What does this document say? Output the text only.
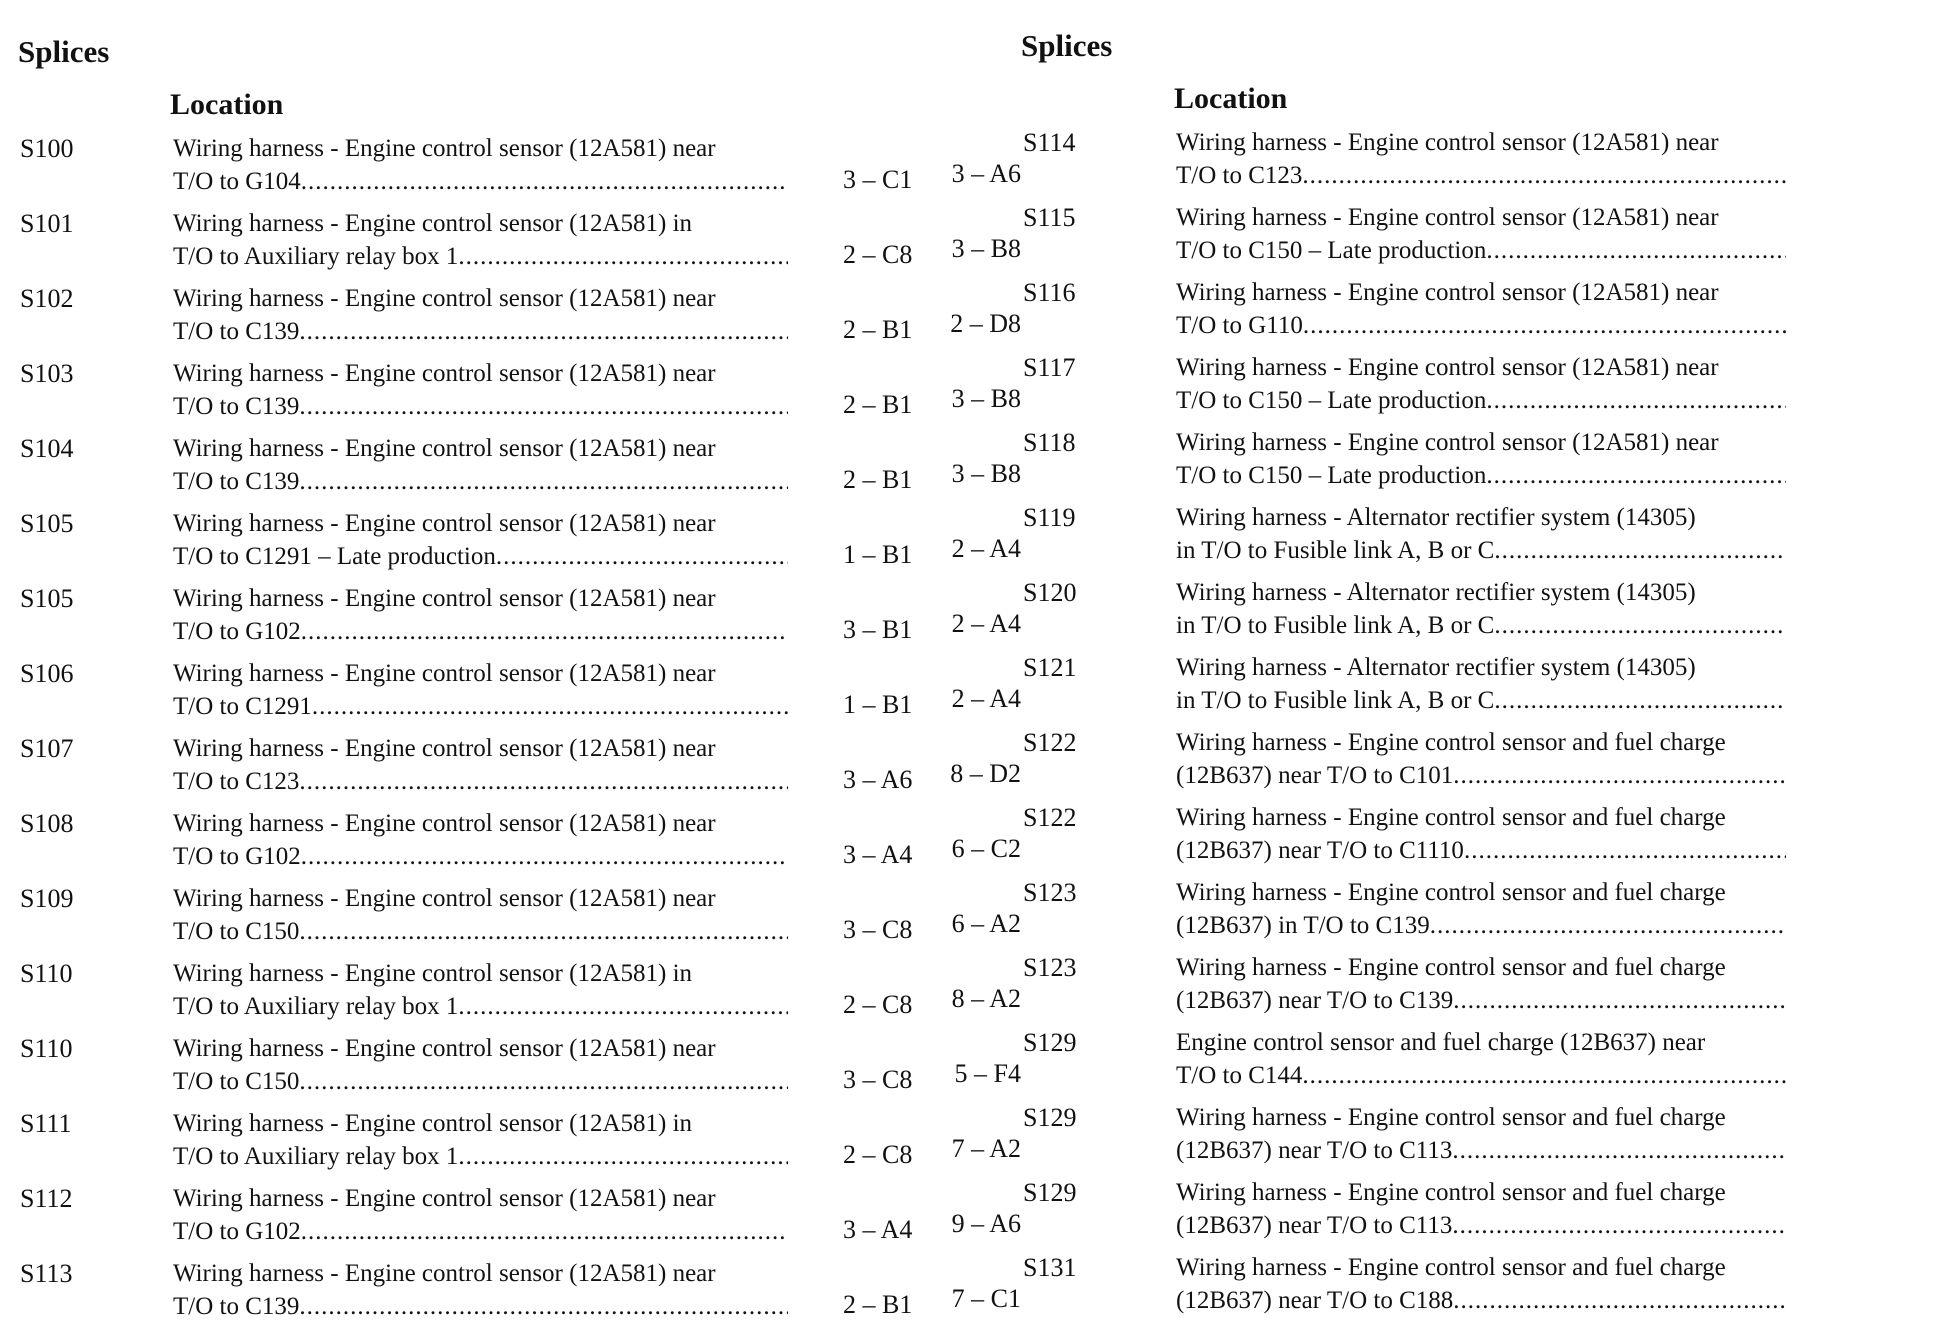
Splices
Location
S100	Wiring harness - Engine control sensor (12A581) near
T/O to G104 .....	3 – C1
S101	Wiring harness - Engine control sensor (12A581) in
T/O to Auxiliary relay box 1 .....	2 – C8
S102	Wiring harness - Engine control sensor (12A581) near
T/O to C139 .....	2 – B1
S103	Wiring harness - Engine control sensor (12A581) near
T/O to C139 .....	2 – B1
S104	Wiring harness - Engine control sensor (12A581) near
T/O to C139 .....	2 – B1
S105	Wiring harness - Engine control sensor (12A581) near
T/O to C1291 – Late production .....	1 – B1
S105	Wiring harness - Engine control sensor (12A581) near
T/O to G102 .....	3 – B1
S106	Wiring harness - Engine control sensor (12A581) near
T/O to C1291 .....	1 – B1
S107	Wiring harness - Engine control sensor (12A581) near
T/O to C123 .....	3 – A6
S108	Wiring harness - Engine control sensor (12A581) near
T/O to G102 .....	3 – A4
S109	Wiring harness - Engine control sensor (12A581) near
T/O to C150 .....	3 – C8
S110	Wiring harness - Engine control sensor (12A581) in
T/O to Auxiliary relay box 1 .....	2 – C8
S110	Wiring harness - Engine control sensor (12A581) near
T/O to C150 .....	3 – C8
S111	Wiring harness - Engine control sensor (12A581) in
T/O to Auxiliary relay box 1 .....	2 – C8
S112	Wiring harness - Engine control sensor (12A581) near
T/O to G102 .....	3 – A4
S113	Wiring harness - Engine control sensor (12A581) near
T/O to C139 .....	2 – B1
Splices
Location
S114	Wiring harness - Engine control sensor (12A581) near
T/O to C123
.....
3 – A6
S115	Wiring harness - Engine control sensor (12A581) near
T/O to C150 – Late production
.....
3 – B8
S116	Wiring harness - Engine control sensor (12A581) near
T/O to G110
.....
2 – D8
S117	Wiring harness - Engine control sensor (12A581) near
T/O to C150 – Late production
.....
3 – B8
S118	Wiring harness - Engine control sensor (12A581) near
T/O to C150 – Late production
.....
3 – B8
S119	Wiring harness - Alternator rectifier system (14305)
in T/O to Fusible link A, B or C
.....
2 – A4
S120	Wiring harness - Alternator rectifier system (14305)
in T/O to Fusible link A, B or C
.....
2 – A4
S121	Wiring harness - Alternator rectifier system (14305)
in T/O to Fusible link A, B or C
.....
2 – A4
S122	Wiring harness - Engine control sensor and fuel charge
(12B637) near T/O to C101
.....
8 – D2
S122	Wiring harness - Engine control sensor and fuel charge
(12B637) near T/O to C1110
.....
6 – C2
S123	Wiring harness - Engine control sensor and fuel charge
(12B637) in T/O to C139
.....
6 – A2
S123	Wiring harness - Engine control sensor and fuel charge
(12B637) near T/O to C139
.....
8 – A2
S129	Engine control sensor and fuel charge (12B637) near
T/O to C144
.....
5 – F4
S129	Wiring harness - Engine control sensor and fuel charge
(12B637) near T/O to C113
.....
7 – A2
S129	Wiring harness - Engine control sensor and fuel charge
(12B637) near T/O to C113
.....
9 – A6
S131	Wiring harness - Engine control sensor and fuel charge
(12B637) near T/O to C188
.....
7 – C1
